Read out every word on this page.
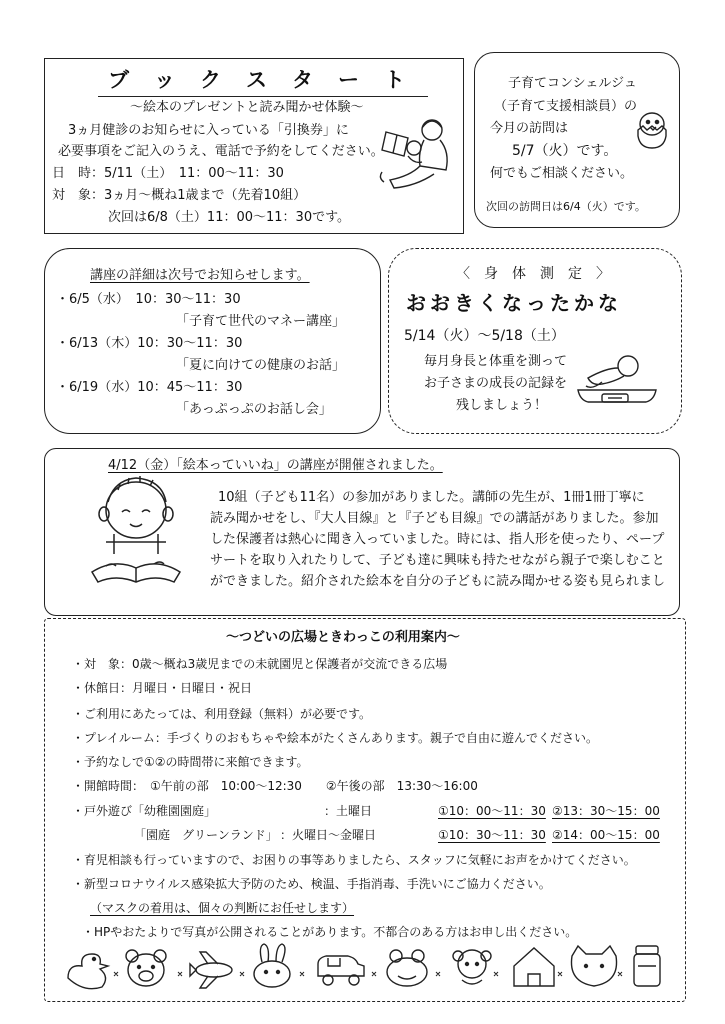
ブ　ッ　ク　ス　タ　ー　ト
～絵本のプレゼントと読み聞かせ体験～
3ヵ月健診のお知らせに入っている「引換券」に
必要事項をご記入のうえ、電話で予約をしてください。
日　時：5/11（土）　11：00～11：30
対　象：3ヵ月～概ね1歳まで（先着10組）
次回は6/8（土）11：00～11：30です。
子育てコンシェルジュ
（子育て支援相談員）の
今月の訪問は
5/7（火）です。
何でもご相談ください。
次回の訪問日は6/4（火）です。
講座の詳細は次号でお知らせします。
・6/5（水）　10：30～11：30
「子育て世代のマネー講座」
・6/13（木）10：30～11：30
「夏に向けての健康のお話」
・6/19（水）10：45～11：30
「あっぷっぷのお話し会」
〈　身　体　測　定　〉
おおきくなったかな
5/14（火）～5/18（土）
毎月身長と体重を測って
お子さまの成長の記録を
残しましょう！
4/12（金）「絵本っていいね」の講座が開催されました。
10組（子ども11名）の参加がありました。講師の先生が、1冊1冊丁寧に
読み聞かせをし、『大人目線』と『子ども目線』での講話がありました。参加
した保護者は熱心に聞き入っていました。時には、指人形を使ったり、ペープ
サートを取り入れたりして、子ども達に興味も持たせながら親子で楽しむこと
ができました。紹介された絵本を自分の子どもに読み聞かせる姿も見られまし
～つどいの広場ときわっこの利用案内～
・対　象：0歳～概ね3歳児までの未就園児と保護者が交流できる広場
・休館日：月曜日・日曜日・祝日
・ご利用にあたっては、利用登録（無料）が必要です。
・プレイルーム：手づくりのおもちゃや絵本がたくさんあります。親子で自由に遊んでください。
・予約なしで①②の時間帯に来館できます。
・開館時間：　①午前の部　10:00～12:30　　②午後の部　13:30～16:00
・戸外遊び「幼稚園園庭」	：土曜日	①10：00～11：30 ②13：30～15：00
「園庭　グリーンランド」 ：火曜日～金曜日	①10：30～11：30 ②14：00～15：00
・育児相談も行っていますので、お困りの事等ありましたら、スタッフに気軽にお声をかけてください。
・新型コロナウイルス感染拡大予防のため、検温、手指消毒、手洗いにご協力ください。
（マスクの着用は、個々の判断にお任せします）
・HPやおたよりで写真が公開されることがあります。不都合のある方はお申し出ください。
